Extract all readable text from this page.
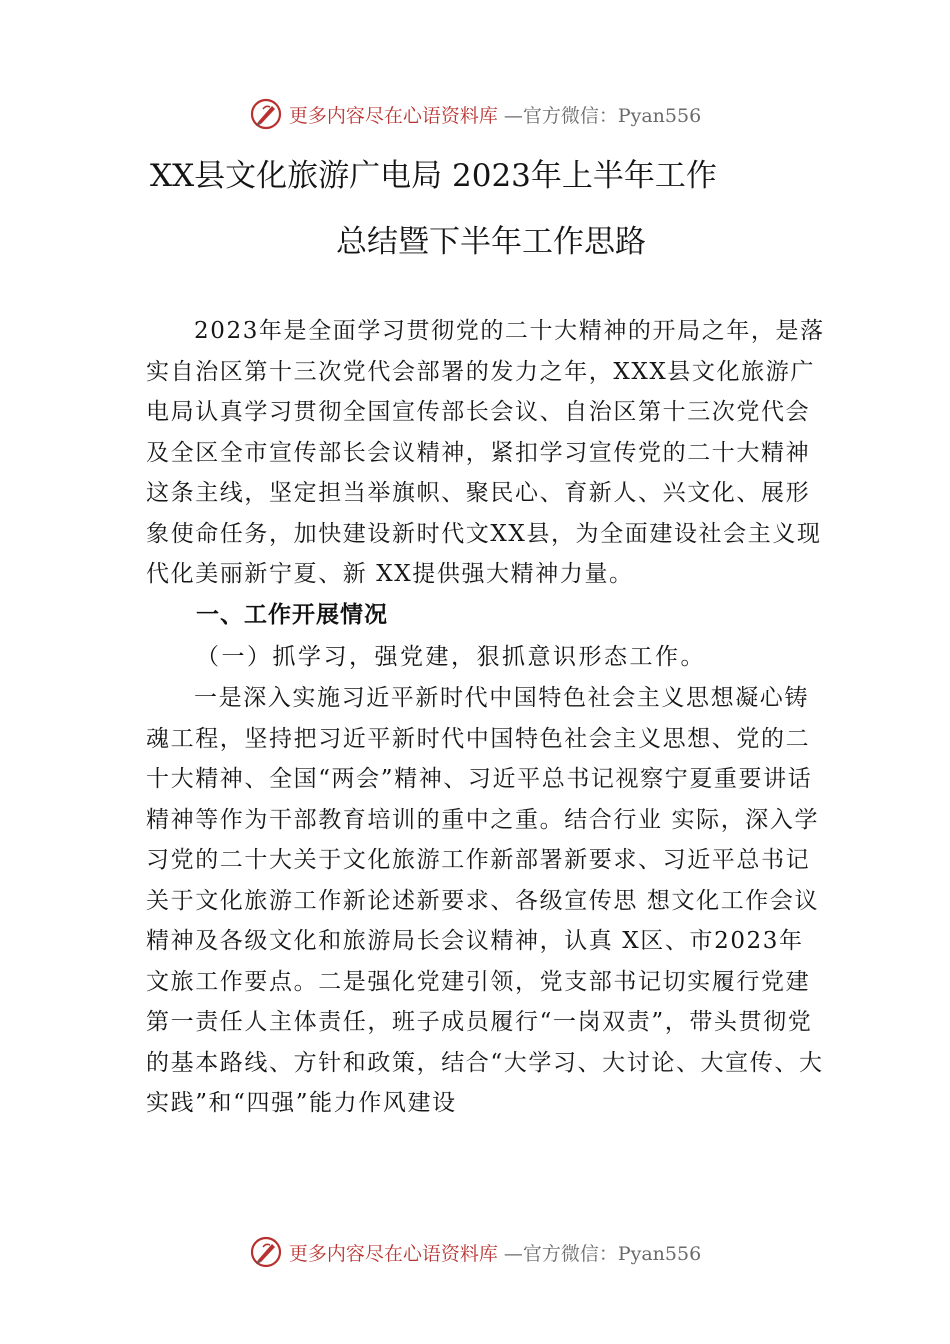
更多内容尽在心语资料库 —官方微信：Pyan556
XX县文化旅游广电局 2023年上半年工作
总结暨下半年工作思路
2023年是全面学习贯彻党的二十大精神的开局之年，是落实自治区第十三次党代会部署的发力之年，XXX县文化旅游广电局认真学习贯彻全国宣传部长会议、自治区第十三次党代会及全区全市宣传部长会议精神，紧扣学习宣传党的二十大精神这条主线，坚定担当举旗帜、聚民心、育新人、兴文化、展形象使命任务，加快建设新时代文XX县，为全面建设社会主义现代化美丽新宁夏、新 XX提供强大精神力量。
一、工作开展情况
（一）抓学习，强党建，狠抓意识形态工作。
一是深入实施习近平新时代中国特色社会主义思想凝心铸魂工程，坚持把习近平新时代中国特色社会主义思想、党的二十大精神、全国“两会”精神、习近平总书记视察宁夏重要讲话精神等作为干部教育培训的重中之重。结合行业 实际，深入学习党的二十大关于文化旅游工作新部署新要求、习近平总书记关于文化旅游工作新论述新要求、各级宣传思 想文化工作会议精神及各级文化和旅游局长会议精神，认真 X区、市2023年文旅工作要点。二是强化党建引领，党支部书记切实履行党建第一责任人主体责任，班子成员履行“一岗双责”，带头贯彻党的基本路线、方针和政策，结合“大学习、大讨论、大宣传、大实践”和“四强”能力作风建设
更多内容尽在心语资料库 —官方微信：Pyan556
